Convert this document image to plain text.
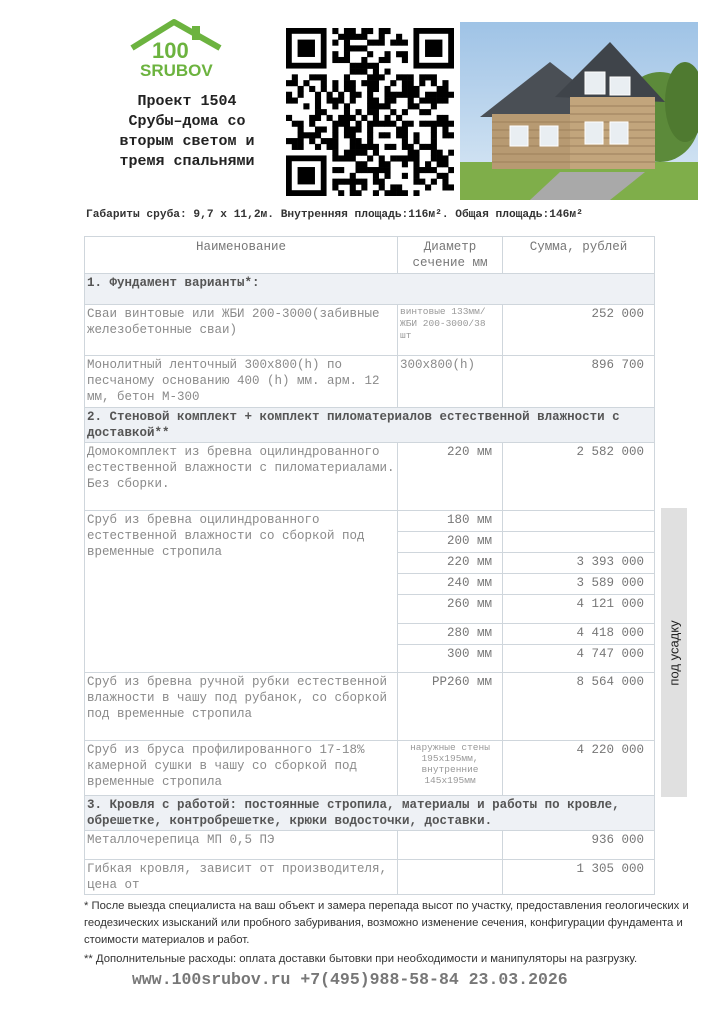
100
SRUBOV
Проект 1504
Срубы–дома со
вторым светом и
тремя спальнями
Габариты сруба: 9,7 х 11,2м. Внутренняя площадь:116м². Общая площадь:146м²
Наименование	Диаметр сечение мм	Сумма, рублей
1. Фундамент варианты*:		
Сваи винтовые или ЖБИ 200-3000(забивные железобетонные сваи)	винтовые 133мм/ЖБИ 200-3000/38 шт	252 000
Монолитный ленточный 300х800(h) по песчаному основанию 400 (h) мм. арм. 12 мм, бетон М-300	300х800(h)	896 700
2. Стеновой комплект + комплект пиломатериалов естественной влажности с доставкой**		
Домокомплект из бревна оцилиндрованного естественной влажности с пиломатериалами. Без сборки.	220 мм	2 582 000
Сруб из бревна оцилиндрованного естественной влажности со сборкой под временные стропила	180 мм	
	200 мм	
	220 мм	3 393 000
	240 мм	3 589 000
	260 мм	4 121 000
	280 мм	4 418 000
	300 мм	4 747 000
Сруб из бревна ручной рубки естественной влажности в чашу под рубанок, со сборкой под временные стропила	РР260 мм	8 564 000
Сруб из бруса профилированного 17-18% камерной сушки в чашу со сборкой под временные стропила	наружные стены
195х195мм,
внутренние
145х195мм	4 220 000
3. Кровля с работой: постоянные стропила, материалы и работы по кровле, обрешетке, контробрешетке, крюки водосточки, доставки.		
Металлочерепица МП 0,5 ПЭ		936 000
Гибкая кровля, зависит от производителя, цена от		1 305 000
под усадку
* После выезда специалиста на ваш объект и замера перепада высот по участку, предоставления геологических и геодезических изысканий или пробного забуривания, возможно изменение сечения, конфигурации фундамента и стоимости материалов и работ.
** Дополнительные расходы: оплата доставки бытовки при необходимости и манипуляторы на разгрузку.
www.100srubov.ru +7(495)988-58-84 23.03.2026
